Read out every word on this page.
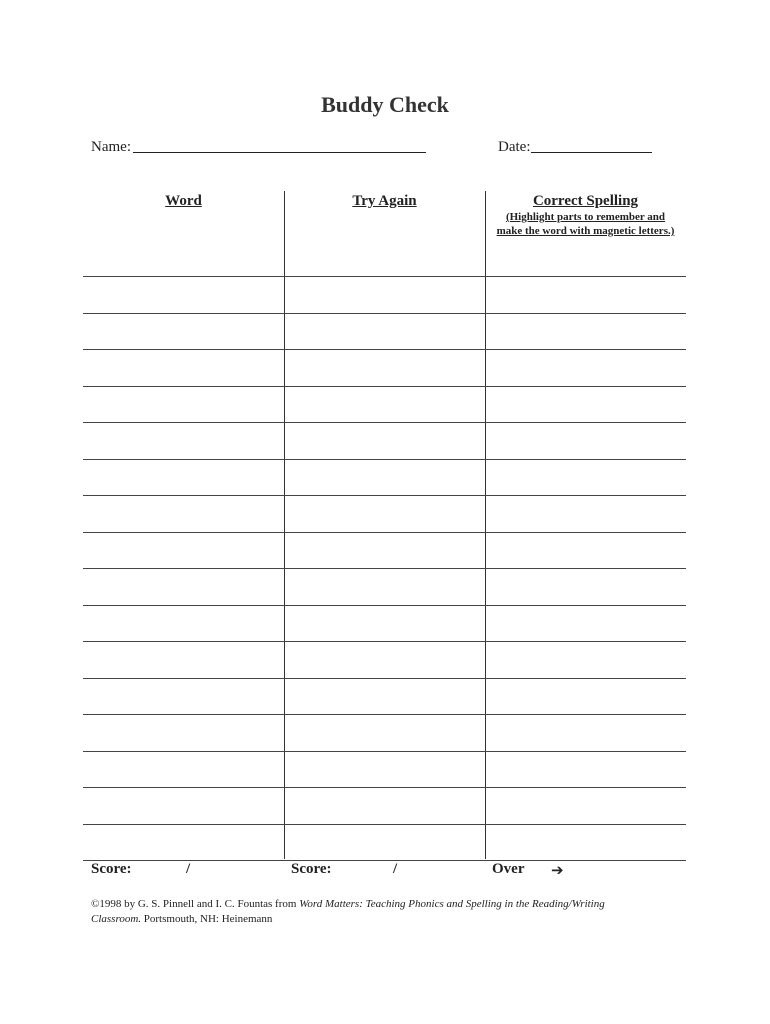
Buddy Check
Name:	Date:
Word	Try Again	Correct Spelling
(Highlight parts to remember and
make the word with magnetic letters.)
Score:	/	Score:	/	Over ➔
©1998 by G. S. Pinnell and I. C. Fountas from Word Matters: Teaching Phonics and Spelling in the Reading/Writing Classroom. Portsmouth, NH: Heinemann
